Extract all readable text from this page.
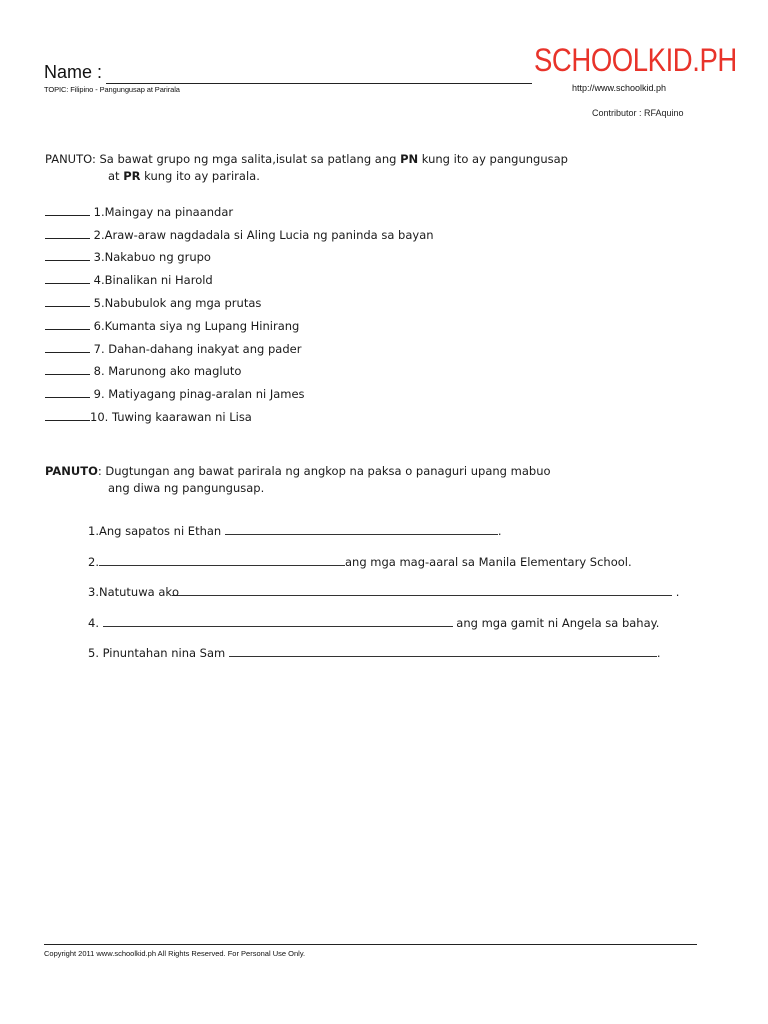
Name :
TOPIC: Filipino - Pangungusap at Parirala
SCHOOLKID.PH
http://www.schoolkid.ph
Contributor : RFAquino
PANUTO: Sa bawat grupo ng mga salita,isulat sa patlang ang PN kung ito ay pangungusap
at PR kung ito ay parirala.
1.Maingay na pinaandar
2.Araw-araw nagdadala si Aling Lucia ng paninda sa bayan
3.Nakabuo ng grupo
4.Binalikan ni Harold
5.Nabubulok ang mga prutas
6.Kumanta siya ng Lupang Hinirang
7. Dahan-dahang inakyat ang pader
8. Marunong ako magluto
9. Matiyagang pinag-aralan ni James
10. Tuwing kaarawan ni Lisa
PANUTO: Dugtungan ang bawat parirala ng angkop na paksa o panaguri upang mabuo
ang diwa ng pangungusap.
1.Ang sapatos ni Ethan	.
2.	ang mga mag-aaral sa Manila Elementary School.
3.Natutuwa ako	.
4.	ang mga gamit ni Angela sa bahay.
5. Pinuntahan nina Sam	.
Copyright 2011 www.schoolkid.ph All Rights Reserved. For Personal Use Only.
